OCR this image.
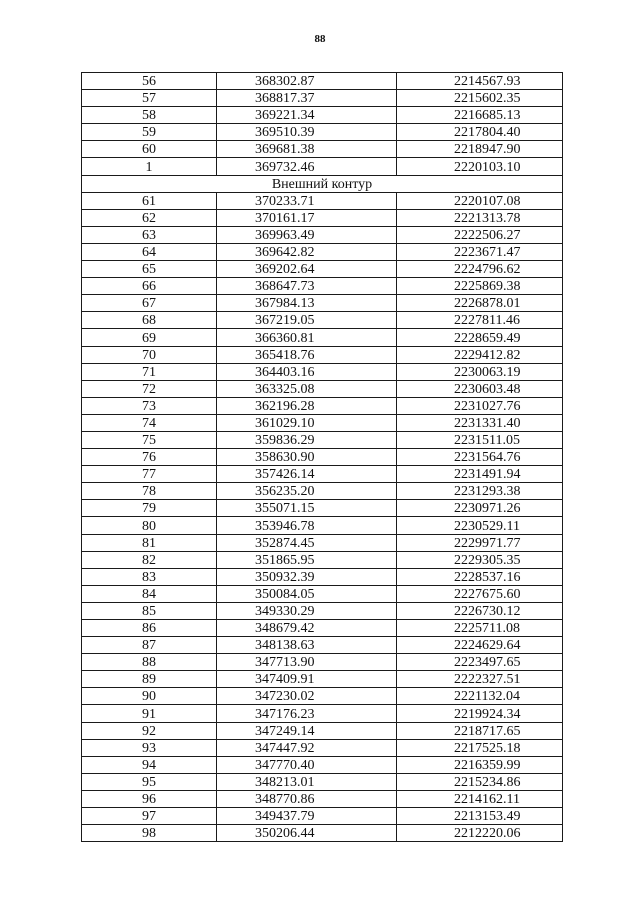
88
56	368302.87	2214567.93
57	368817.37	2215602.35
58	369221.34	2216685.13
59	369510.39	2217804.40
60	369681.38	2218947.90
1	369732.46	2220103.10
Внешний контур		
61	370233.71	2220107.08
62	370161.17	2221313.78
63	369963.49	2222506.27
64	369642.82	2223671.47
65	369202.64	2224796.62
66	368647.73	2225869.38
67	367984.13	2226878.01
68	367219.05	2227811.46
69	366360.81	2228659.49
70	365418.76	2229412.82
71	364403.16	2230063.19
72	363325.08	2230603.48
73	362196.28	2231027.76
74	361029.10	2231331.40
75	359836.29	2231511.05
76	358630.90	2231564.76
77	357426.14	2231491.94
78	356235.20	2231293.38
79	355071.15	2230971.26
80	353946.78	2230529.11
81	352874.45	2229971.77
82	351865.95	2229305.35
83	350932.39	2228537.16
84	350084.05	2227675.60
85	349330.29	2226730.12
86	348679.42	2225711.08
87	348138.63	2224629.64
88	347713.90	2223497.65
89	347409.91	2222327.51
90	347230.02	2221132.04
91	347176.23	2219924.34
92	347249.14	2218717.65
93	347447.92	2217525.18
94	347770.40	2216359.99
95	348213.01	2215234.86
96	348770.86	2214162.11
97	349437.79	2213153.49
98	350206.44	2212220.06
